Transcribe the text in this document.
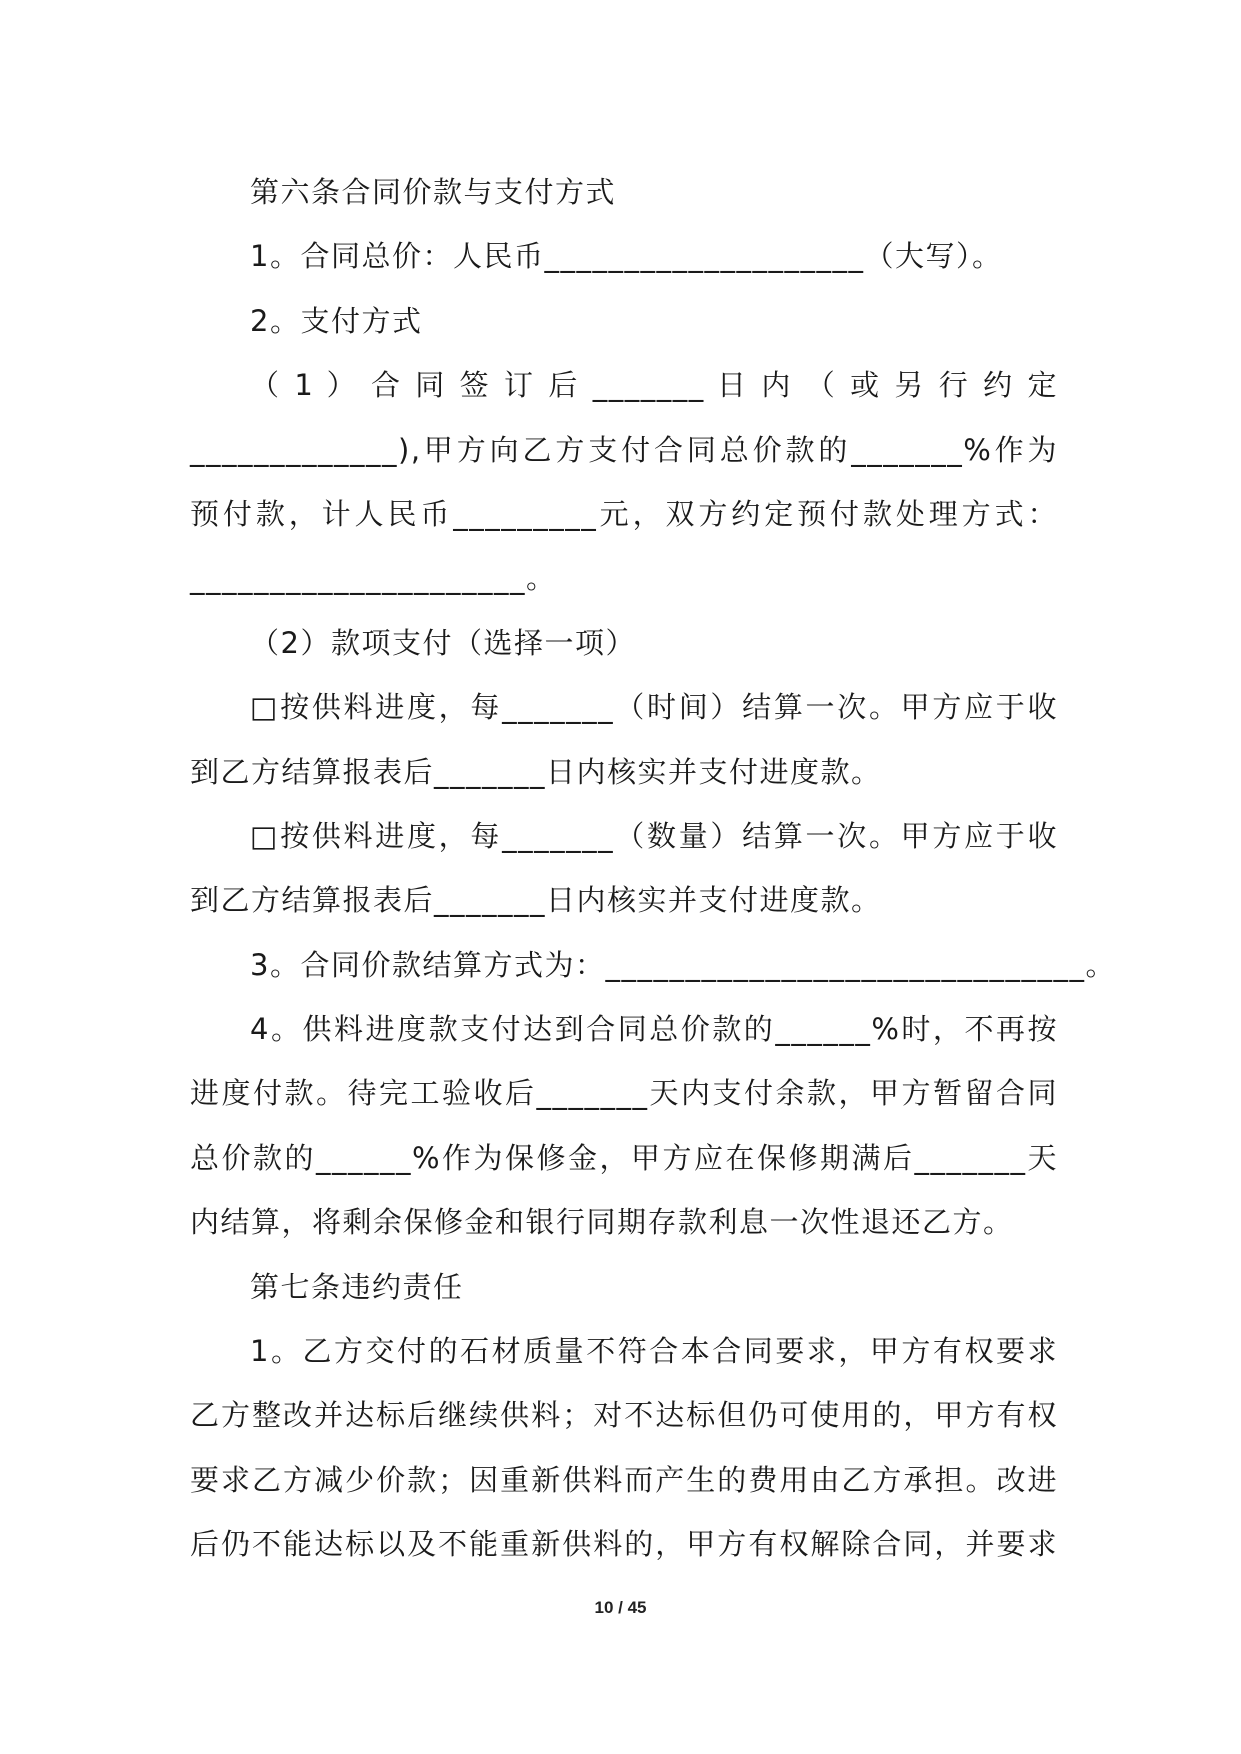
第六条合同价款与支付方式
1。合同总价：人民币____________________（大写）。
2。支付方式
（ 1 ） 合 同 签 订 后 _______ 日 内 （ 或 另 行 约 定
_____________),甲方向乙方支付合同总价款的_______%作为
预付款，计人民币_________元，双方约定预付款处理方式：
_____________________。
（2）款项支付（选择一项）
□按供料进度，每_______（时间）结算一次。甲方应于收
到乙方结算报表后_______日内核实并支付进度款。
□按供料进度，每_______（数量）结算一次。甲方应于收
到乙方结算报表后_______日内核实并支付进度款。
3。合同价款结算方式为：______________________________。
4。供料进度款支付达到合同总价款的______%时，不再按
进度付款。待完工验收后_______天内支付余款，甲方暂留合同
总价款的______%作为保修金，甲方应在保修期满后_______天
内结算，将剩余保修金和银行同期存款利息一次性退还乙方。
第七条违约责任
1。乙方交付的石材质量不符合本合同要求，甲方有权要求
乙方整改并达标后继续供料；对不达标但仍可使用的，甲方有权
要求乙方减少价款；因重新供料而产生的费用由乙方承担。改进
后仍不能达标以及不能重新供料的，甲方有权解除合同，并要求
10 / 45
